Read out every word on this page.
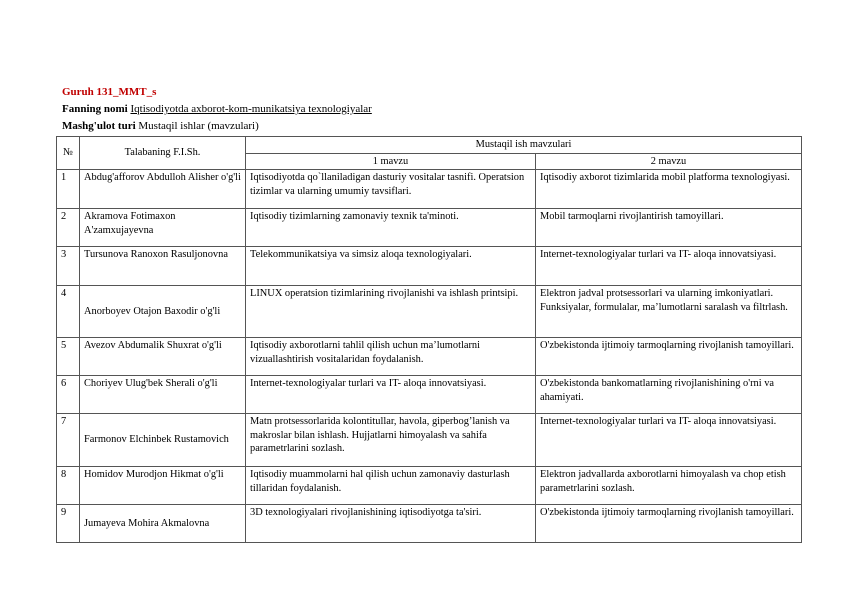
Guruh 131_MMT_s
Fanning nomi Iqtisodiyotda axborot-kom-munikatsiya texnologiyalar
Mashg'ulot turi Mustaqil ishlar (mavzulari)
№	Talabaning F.I.Sh.	Mustaqil ish mavzulari	
		1 mavzu	2 mavzu
1	Abdug'afforov Abdulloh Alisher o'g'li	Iqtisodiyotda qo`llaniladigan dasturiy vositalar tasnifi. Operatsion tizimlar va ularning umumiy tavsiflari.	Iqtisodiy axborot tizimlarida mobil platforma texnologiyasi.
2	Akramova Fotimaxon A'zamxujayevna	Iqtisodiy tizimlarning zamonaviy texnik ta'minoti.	Mobil tarmoqlarni rivojlantirish tamoyillari.
3	Tursunova Ranoxon Rasuljonovna	Telekommunikatsiya va simsiz aloqa texnologiyalari.	Internet-texnologiyalar turlari va IT- aloqa innovatsiyasi.
4	Anorboyev Otajon Baxodir o'g'li	LINUX operatsion tizimlarining rivojlanishi va ishlash printsipi.	Elektron jadval protsessorlari va ularning imkoniyatlari. Funksiyalar, formulalar, ma’lumotlarni saralash va filtrlash.
5	Avezov Abdumalik Shuxrat o'g'li	Iqtisodiy axborotlarni tahlil qilish uchun ma’lumotlarni vizuallashtirish vositalaridan foydalanish.	O'zbekistonda ijtimoiy tarmoqlarning rivojlanish tamoyillari.
6	Choriyev Ulug'bek Sherali o'g'li	Internet-texnologiyalar turlari va IT- aloqa innovatsiyasi.	O'zbekistonda bankomatlarning rivojlanishining o'rni va ahamiyati.
7	Farmonov Elchinbek Rustamovich	Matn protsessorlarida kolontitullar, havola, giperbog’lanish va makroslar bilan ishlash. Hujjatlarni himoyalash va sahifa parametrlarini sozlash.	Internet-texnologiyalar turlari va IT- aloqa innovatsiyasi.
8	Homidov Murodjon Hikmat o'g'li	Iqtisodiy muammolarni hal qilish uchun zamonaviy dasturlash tillaridan foydalanish.	Elektron jadvallarda axborotlarni himoyalash va chop etish parametrlarini sozlash.
9	Jumayeva Mohira Akmalovna	3D texnologiyalari rivojlanishining iqtisodiyotga ta'siri.	O'zbekistonda ijtimoiy tarmoqlarning rivojlanish tamoyillari.
